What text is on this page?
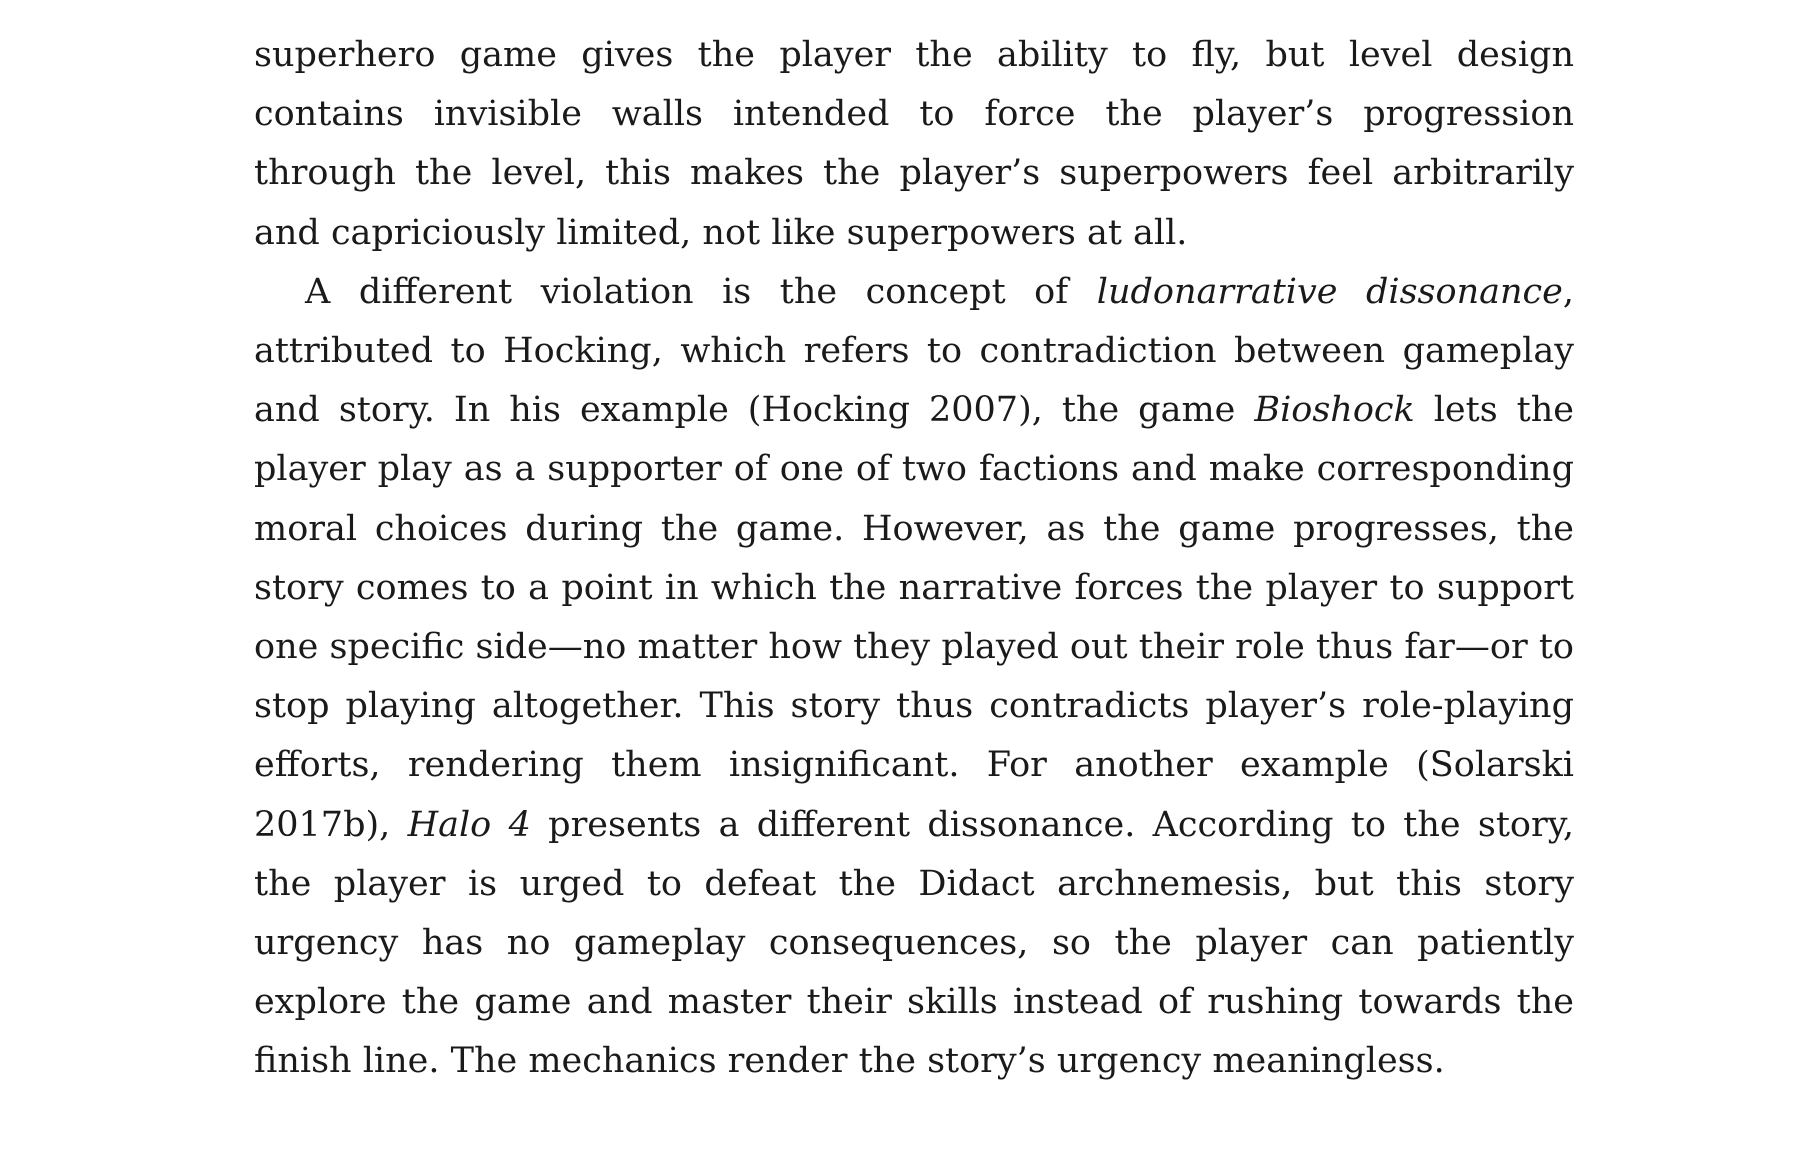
superhero game gives the player the ability to fly, but level design contains invisible walls intended to force the player’s progression through the level, this makes the player’s superpowers feel arbitrarily and capriciously limited, not like superpowers at all.

A different violation is the concept of ludonarrative dissonance, attributed to Hocking, which refers to contradiction between gameplay and story. In his example (Hocking 2007), the game Bioshock lets the player play as a supporter of one of two factions and make corresponding moral choices during the game. However, as the game progresses, the story comes to a point in which the narrative forces the player to support one specific side—no matter how they played out their role thus far—or to stop playing altogether. This story thus contradicts player’s role-playing efforts, rendering them insignificant. For another example (Solarski 2017b), Halo 4 presents a different dissonance. According to the story, the player is urged to defeat the Didact archnemesis, but this story urgency has no gameplay consequences, so the player can patiently explore the game and master their skills instead of rushing towards the finish line. The mechanics render the story’s urgency meaningless.
